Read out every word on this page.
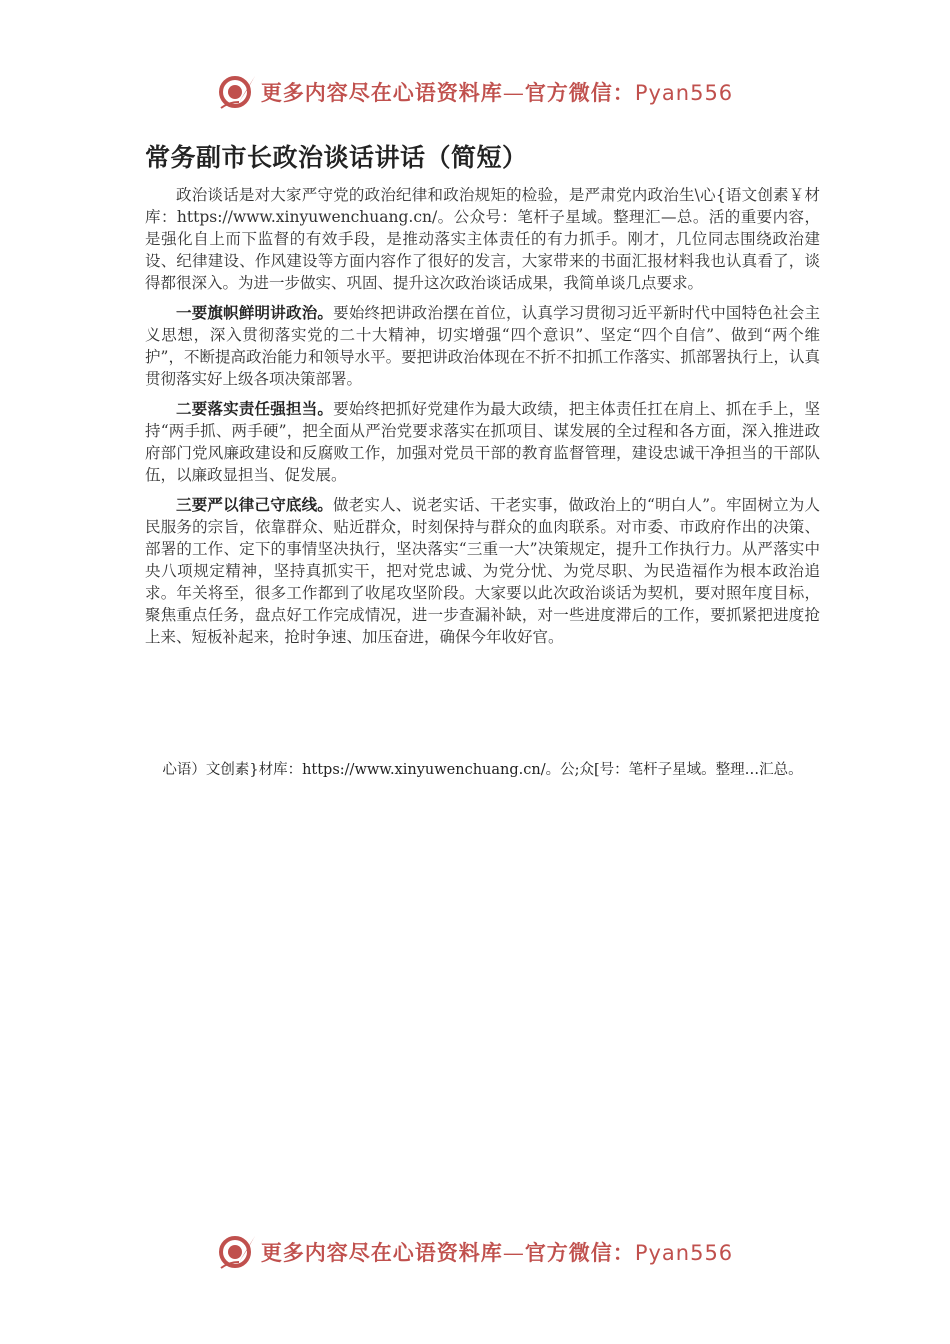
更多内容尽在心语资料库—官方微信：Pyan556
常务副市长政治谈话讲话（简短）

政治谈话是对大家严守党的政治纪律和政治规矩的检验，是严肃党内政治生\心{语文创素￥材库：https://www.xinyuwenchuang.cn/。公众号：笔杆子星域。整理汇—总。活的重要内容，是强化自上而下监督的有效手段，是推动落实主体责任的有力抓手。刚才，几位同志围绕政治建设、纪律建设、作风建设等方面内容作了很好的发言，大家带来的书面汇报材料我也认真看了，谈得都很深入。为进一步做实、巩固、提升这次政治谈话成果，我简单谈几点要求。

一要旗帜鲜明讲政治。要始终把讲政治摆在首位，认真学习贯彻习近平新时代中国特色社会主义思想，深入贯彻落实党的二十大精神，切实增强“四个意识”、坚定“四个自信”、做到“两个维护”，不断提高政治能力和领导水平。要把讲政治体现在不折不扣抓工作落实、抓部署执行上，认真贯彻落实好上级各项决策部署。

二要落实责任强担当。要始终把抓好党建作为最大政绩，把主体责任扛在肩上、抓在手上，坚持“两手抓、两手硬”，把全面从严治党要求落实在抓项目、谋发展的全过程和各方面，深入推进政府部门党风廉政建设和反腐败工作，加强对党员干部的教育监督管理，建设忠诚干净担当的干部队伍，以廉政显担当、促发展。

三要严以律己守底线。做老实人、说老实话、干老实事，做政治上的“明白人”。牢固树立为人民服务的宗旨，依靠群众、贴近群众，时刻保持与群众的血肉联系。对市委、市政府作出的决策、部署的工作、定下的事情坚决执行，坚决落实“三重一大”决策规定，提升工作执行力。从严落实中央八项规定精神，坚持真抓实干，把对党忠诚、为党分忧、为党尽职、为民造福作为根本政治追求。年关将至，很多工作都到了收尾攻坚阶段。大家要以此次政治谈话为契机，要对照年度目标，聚焦重点任务，盘点好工作完成情况，进一步查漏补缺，对一些进度滞后的工作，要抓紧把进度抢上来、短板补起来，抢时争速、加压奋进，确保今年收好官。

心语）文创素}材库：https://www.xinyuwenchuang.cn/。公;众[号：笔杆子星域。整理…汇总。
更多内容尽在心语资料库—官方微信：Pyan556
